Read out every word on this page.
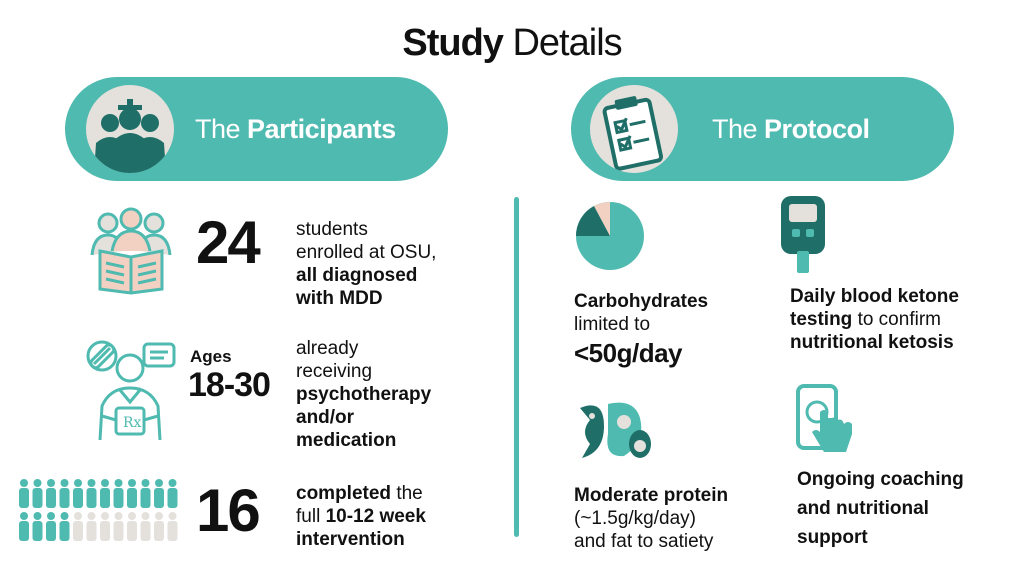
Study Details
The Participants	The Protocol
24 students
enrolled at OSU,
all diagnosed
with MDD
Rx
Ages
18-30
already
receiving
psychotherapy
and/or
medication
16 completed the
full 10-12 week
intervention
Carbohydrates
limited to
<50g/day
Daily blood ketone
testing to confirm
nutritional ketosis
Moderate protein
(~1.5g/kg/day)
and fat to satiety
Ongoing coaching
and nutritional
support
